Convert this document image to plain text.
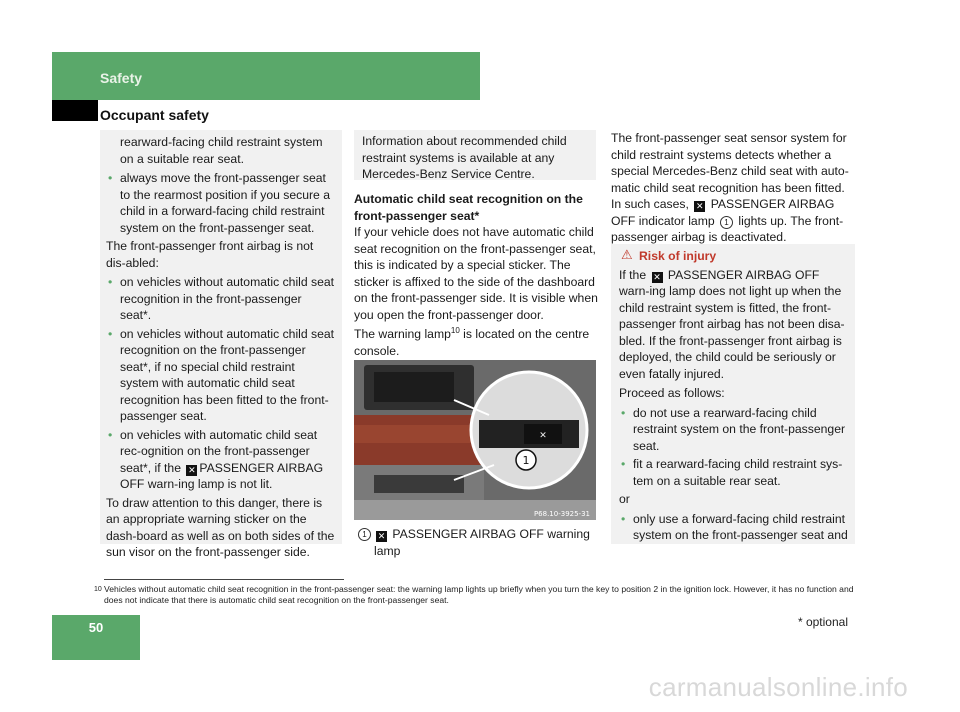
Safety
Occupant safety

rearward-facing child restraint system on a suitable rear seat.

• always move the front-passenger seat to the rearmost position if you secure a child in a forward-facing child restraint system on the front-passenger seat.

The front-passenger front airbag is not dis-abled:

• on vehicles without automatic child seat recognition in the front-passenger seat*.
• on vehicles without automatic child seat recognition on the front-passenger seat*, if no special child restraint system with automatic child seat recognition has been fitted to the front-passenger seat.
• on vehicles with automatic child seat rec-ognition on the front-passenger seat*, if the ✕ PASSENGER AIRBAG OFF warn-ing lamp is not lit.

To draw attention to this danger, there is an appropriate warning sticker on the dash-board as well as on both sides of the sun visor on the front-passenger side.

Information about recommended child restraint systems is available at any Mercedes-Benz Service Centre.

Automatic child seat recognition on the front-passenger seat*

If your vehicle does not have automatic child seat recognition on the front-passenger seat, this is indicated by a special sticker. The sticker is affixed to the side of the dashboard on the front-passenger side. It is visible when you open the front-passenger door.

The warning lamp$^{10}$ is located on the centre console.

✕
1
P68.10-3925-31
1	✕ PASSENGER AIRBAG OFF warning lamp

The front-passenger seat sensor system for child restraint systems detects whether a special Mercedes-Benz child seat with auto-matic child seat recognition has been fitted. In such cases, ✕ PASSENGER AIRBAG OFF indicator lamp 1 lights up. The front-passenger airbag is deactivated.

⚠ Risk of injury

If the ✕ PASSENGER AIRBAG OFF warn-ing lamp does not light up when the child restraint system is fitted, the front-passenger front airbag has not been disa-bled. If the front-passenger front airbag is deployed, the child could be seriously or even fatally injured.

Proceed as follows:

• do not use a rearward-facing child restraint system on the front-passenger seat.
• fit a rearward-facing child restraint sys-tem on a suitable rear seat.

or

• only use a forward-facing child restraint system on the front-passenger seat and
10 Vehicles without automatic child seat recognition in the front-passenger seat: the warning lamp lights up briefly when you turn the key to position 2 in the ignition lock. However, it has no function and does not indicate that there is automatic child seat recognition on the front-passenger seat.
50	* optional
carmanualsonline.info
